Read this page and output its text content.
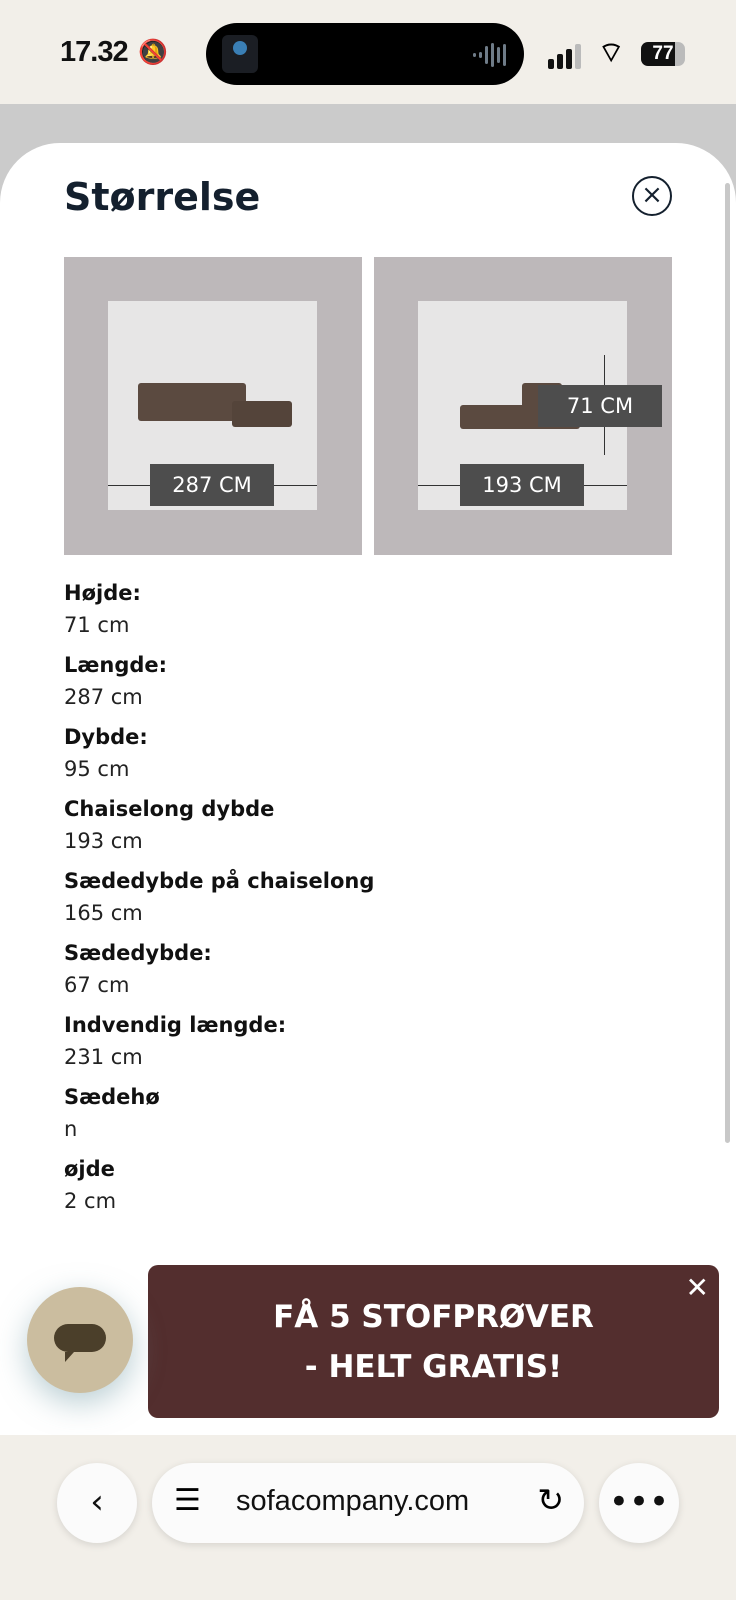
17.32 🔕	⌔	77
Størrelse	×
287 CM	193 CM
71 CM
Højde:
71 cm
Længde:
287 cm
Dybde:
95 cm
Chaiselong dybde
193 cm
Sædedybde på chaiselong
165 cm
Sædedybde:
67 cm
Indvendig længde:
231 cm
Sædehø
n
øjde
2 cm
✕
FÅ 5 STOFPRØVER
- HELT GRATIS!
‹	☰ sofacompany.com ↻ •••
